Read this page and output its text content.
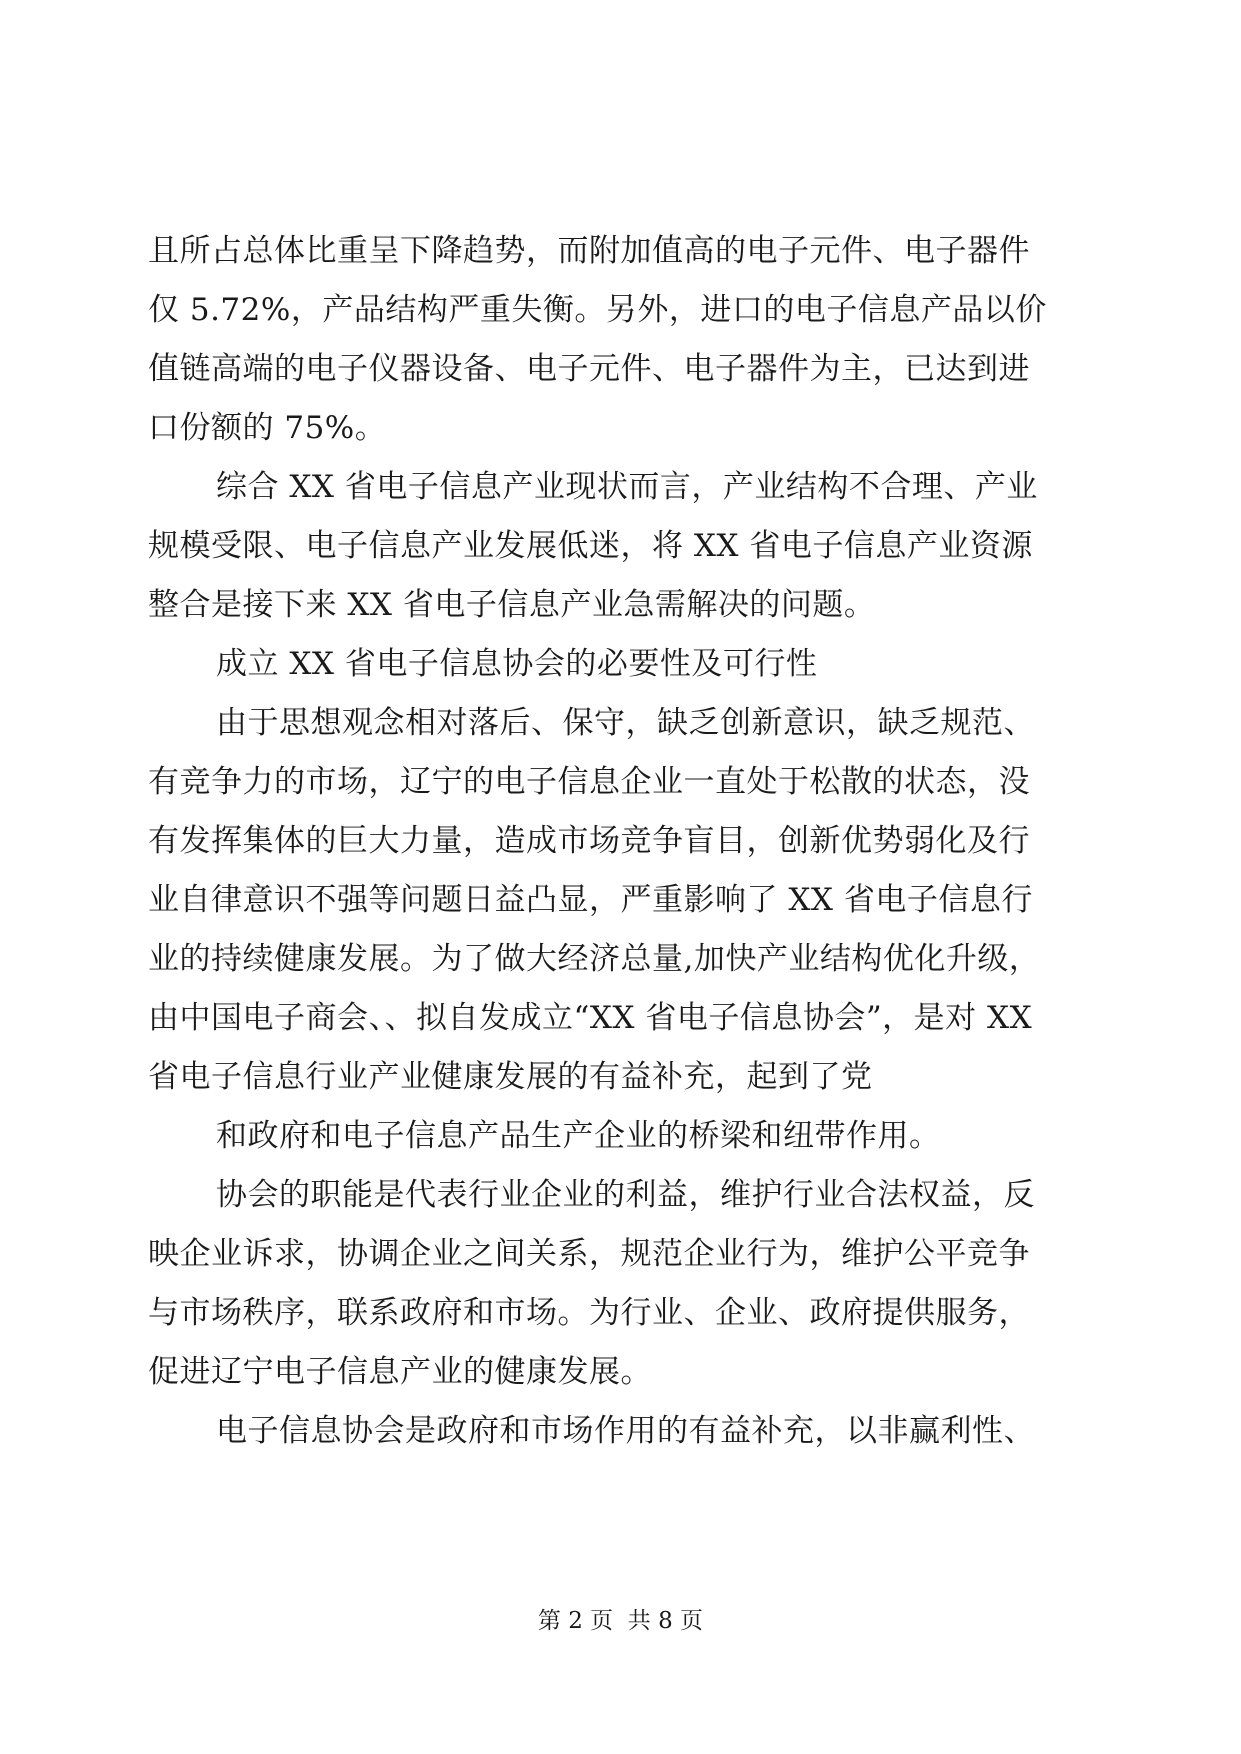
且所占总体比重呈下降趋势，而附加值高的电子元件、电子器件
仅 5.72%，产品结构严重失衡。另外，进口的电子信息产品以价
值链高端的电子仪器设备、电子元件、电子器件为主，已达到进
口份额的 75%。
综合 XX 省电子信息产业现状而言，产业结构不合理、产业
规模受限、电子信息产业发展低迷，将 XX 省电子信息产业资源
整合是接下来 XX 省电子信息产业急需解决的问题。
成立 XX 省电子信息协会的必要性及可行性
由于思想观念相对落后、保守，缺乏创新意识，缺乏规范、
有竞争力的市场，辽宁的电子信息企业一直处于松散的状态，没
有发挥集体的巨大力量，造成市场竞争盲目，创新优势弱化及行
业自律意识不强等问题日益凸显，严重影响了 XX 省电子信息行
业的持续健康发展。为了做大经济总量,加快产业结构优化升级，
由中国电子商会、、拟自发成立“XX 省电子信息协会”，是对 XX
省电子信息行业产业健康发展的有益补充，起到了党
和政府和电子信息产品生产企业的桥梁和纽带作用。
协会的职能是代表行业企业的利益，维护行业合法权益，反
映企业诉求，协调企业之间关系，规范企业行为，维护公平竞争
与市场秩序，联系政府和市场。为行业、企业、政府提供服务，
促进辽宁电子信息产业的健康发展。
电子信息协会是政府和市场作用的有益补充，以非赢利性、
第 2 页  共 8 页
